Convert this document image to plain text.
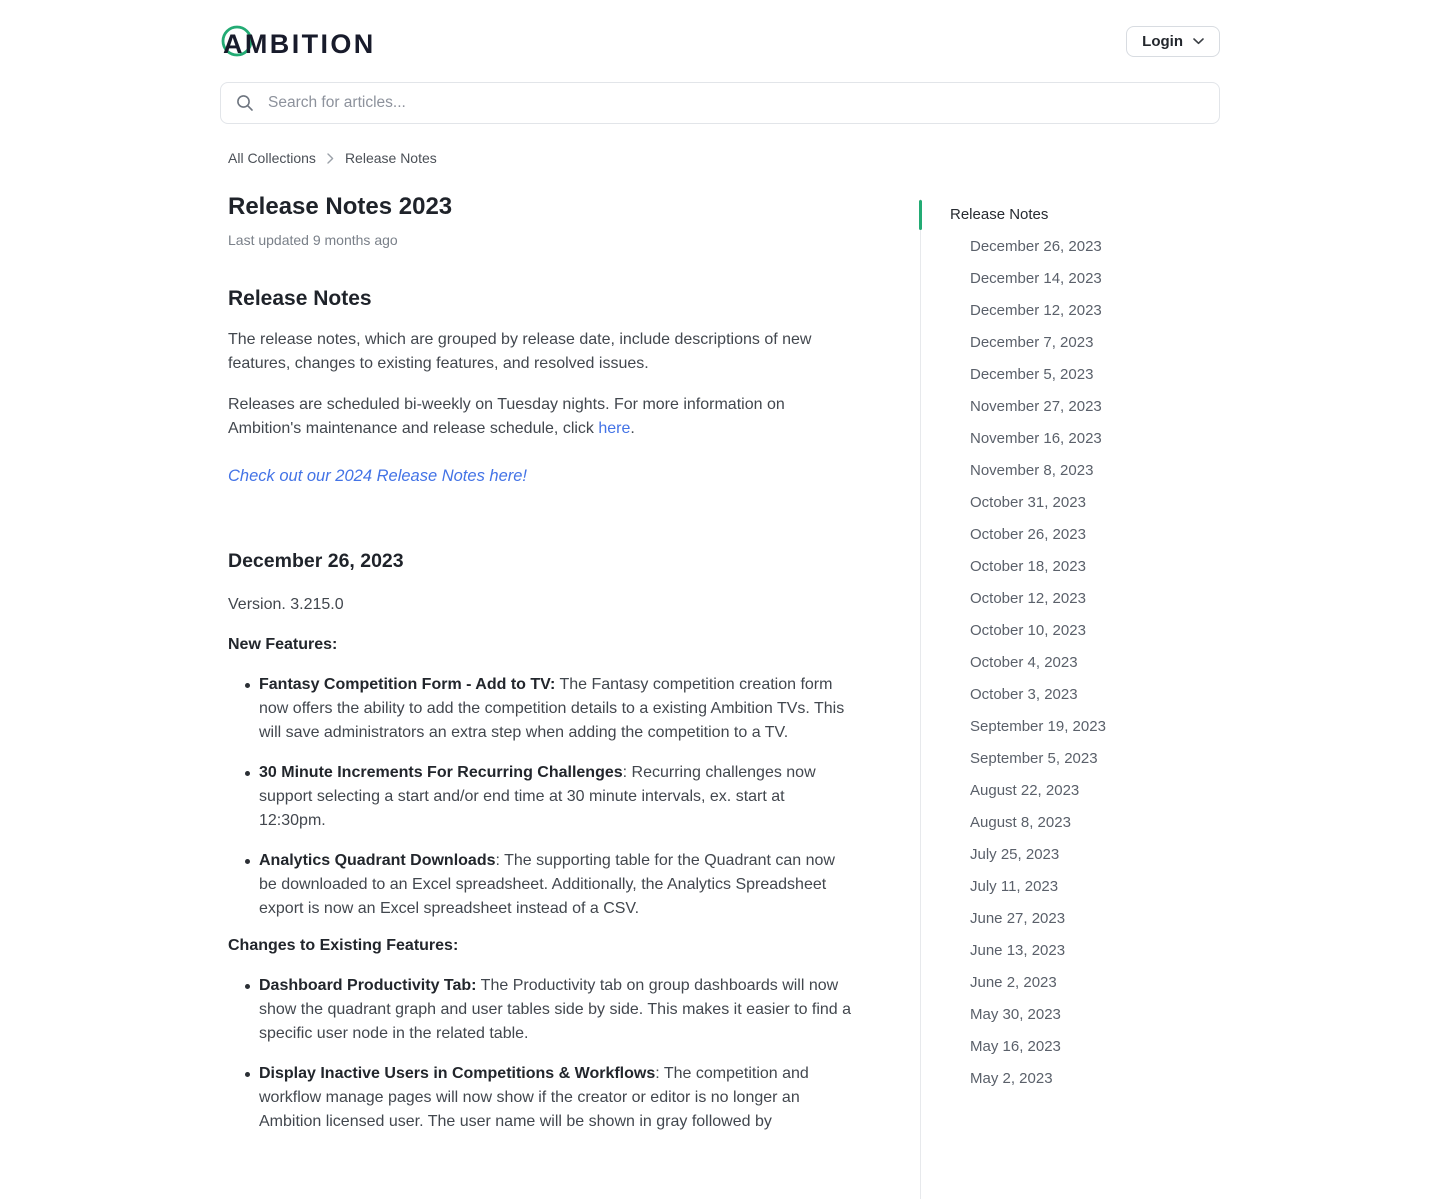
AMBITION	Login
Search for articles...
All Collections Release Notes
Release Notes 2023
Last updated 9 months ago
Release Notes

The release notes, which are grouped by release date, include descriptions of new features, changes to existing features, and resolved issues.

Releases are scheduled bi-weekly on Tuesday nights. For more information on Ambition's maintenance and release schedule, click here.

Check out our 2024 Release Notes here!

December 26, 2023

Version. 3.215.0

New Features:

Fantasy Competition Form - Add to TV: The Fantasy competition creation form now offers the ability to add the competition details to a existing Ambition TVs. This will save administrators an extra step when adding the competition to a TV.
30 Minute Increments For Recurring Challenges: Recurring challenges now support selecting a start and/or end time at 30 minute intervals, ex. start at 12:30pm.
Analytics Quadrant Downloads: The supporting table for the Quadrant can now be downloaded to an Excel spreadsheet. Additionally, the Analytics Spreadsheet export is now an Excel spreadsheet instead of a CSV.

Changes to Existing Features:

Dashboard Productivity Tab: The Productivity tab on group dashboards will now show the quadrant graph and user tables side by side. This makes it easier to find a specific user node in the related table.
Display Inactive Users in Competitions & Workflows: The competition and workflow manage pages will now show if the creator or editor is no longer an Ambition licensed user. The user name will be shown in gray followed by
Release Notes
December 26, 2023
December 14, 2023
December 12, 2023
December 7, 2023
December 5, 2023
November 27, 2023
November 16, 2023
November 8, 2023
October 31, 2023
October 26, 2023
October 18, 2023
October 12, 2023
October 10, 2023
October 4, 2023
October 3, 2023
September 19, 2023
September 5, 2023
August 22, 2023
August 8, 2023
July 25, 2023
July 11, 2023
June 27, 2023
June 13, 2023
June 2, 2023
May 30, 2023
May 16, 2023
May 2, 2023
